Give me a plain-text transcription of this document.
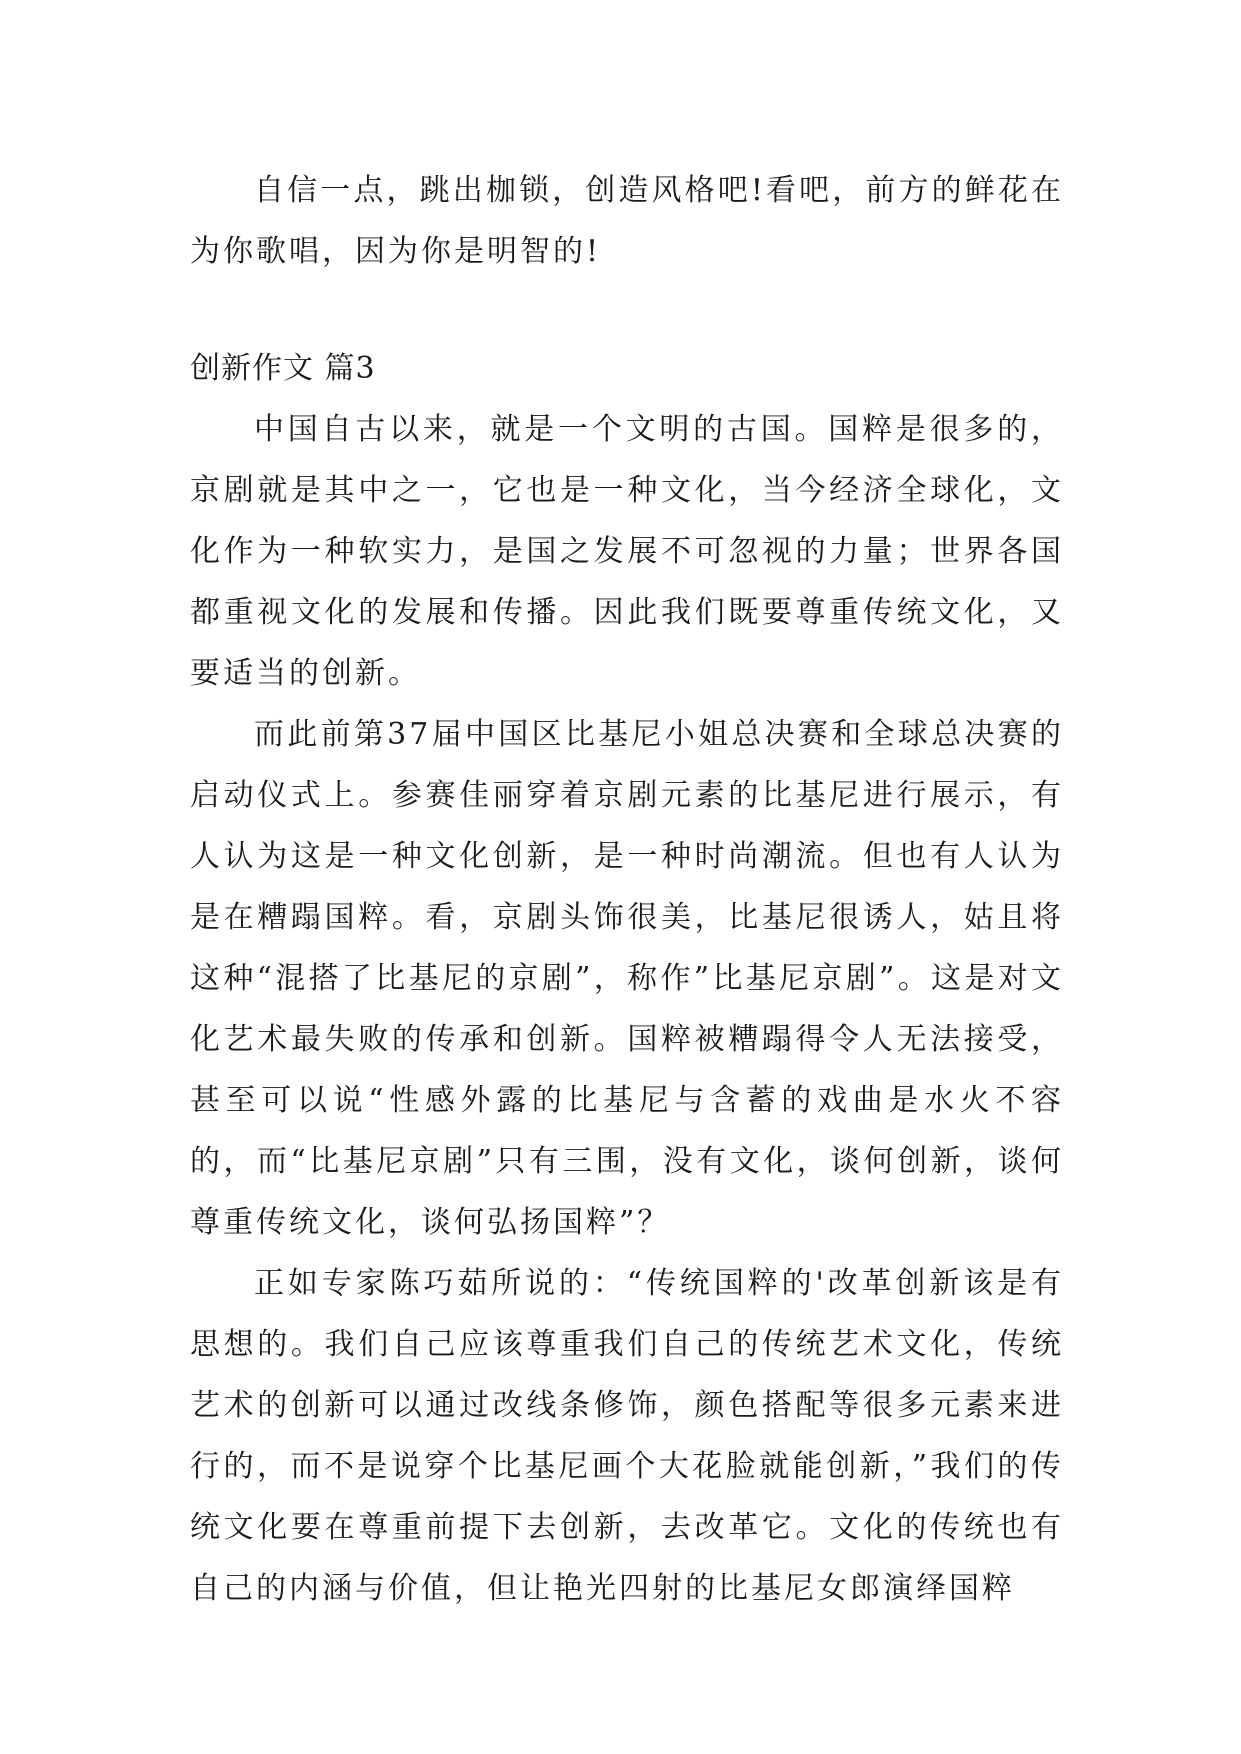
自信一点，跳出枷锁，创造风格吧!看吧，前方的鲜花在为你歌唱，因为你是明智的!

创新作文 篇3

中国自古以来，就是一个文明的古国。国粹是很多的，京剧就是其中之一，它也是一种文化，当今经济全球化，文化作为一种软实力，是国之发展不可忽视的力量；世界各国都重视文化的发展和传播。因此我们既要尊重传统文化，又要适当的创新。

而此前第37届中国区比基尼小姐总决赛和全球总决赛的启动仪式上。参赛佳丽穿着京剧元素的比基尼进行展示，有人认为这是一种文化创新，是一种时尚潮流。但也有人认为是在糟蹋国粹。看，京剧头饰很美，比基尼很诱人，姑且将这种“混搭了比基尼的京剧”，称作”比基尼京剧”。这是对文化艺术最失败的传承和创新。国粹被糟蹋得令人无法接受，甚至可以说“性感外露的比基尼与含蓄的戏曲是水火不容的，而“比基尼京剧”只有三围，没有文化，谈何创新，谈何尊重传统文化，谈何弘扬国粹”？

正如专家陈巧茹所说的：“传统国粹的'改革创新该是有思想的。我们自己应该尊重我们自己的传统艺术文化，传统艺术的创新可以通过改线条修饰，颜色搭配等很多元素来进行的，而不是说穿个比基尼画个大花脸就能创新，”我们的传统文化要在尊重前提下去创新，去改革它。文化的传统也有自己的内涵与价值，但让艳光四射的比基尼女郎演绎国粹
